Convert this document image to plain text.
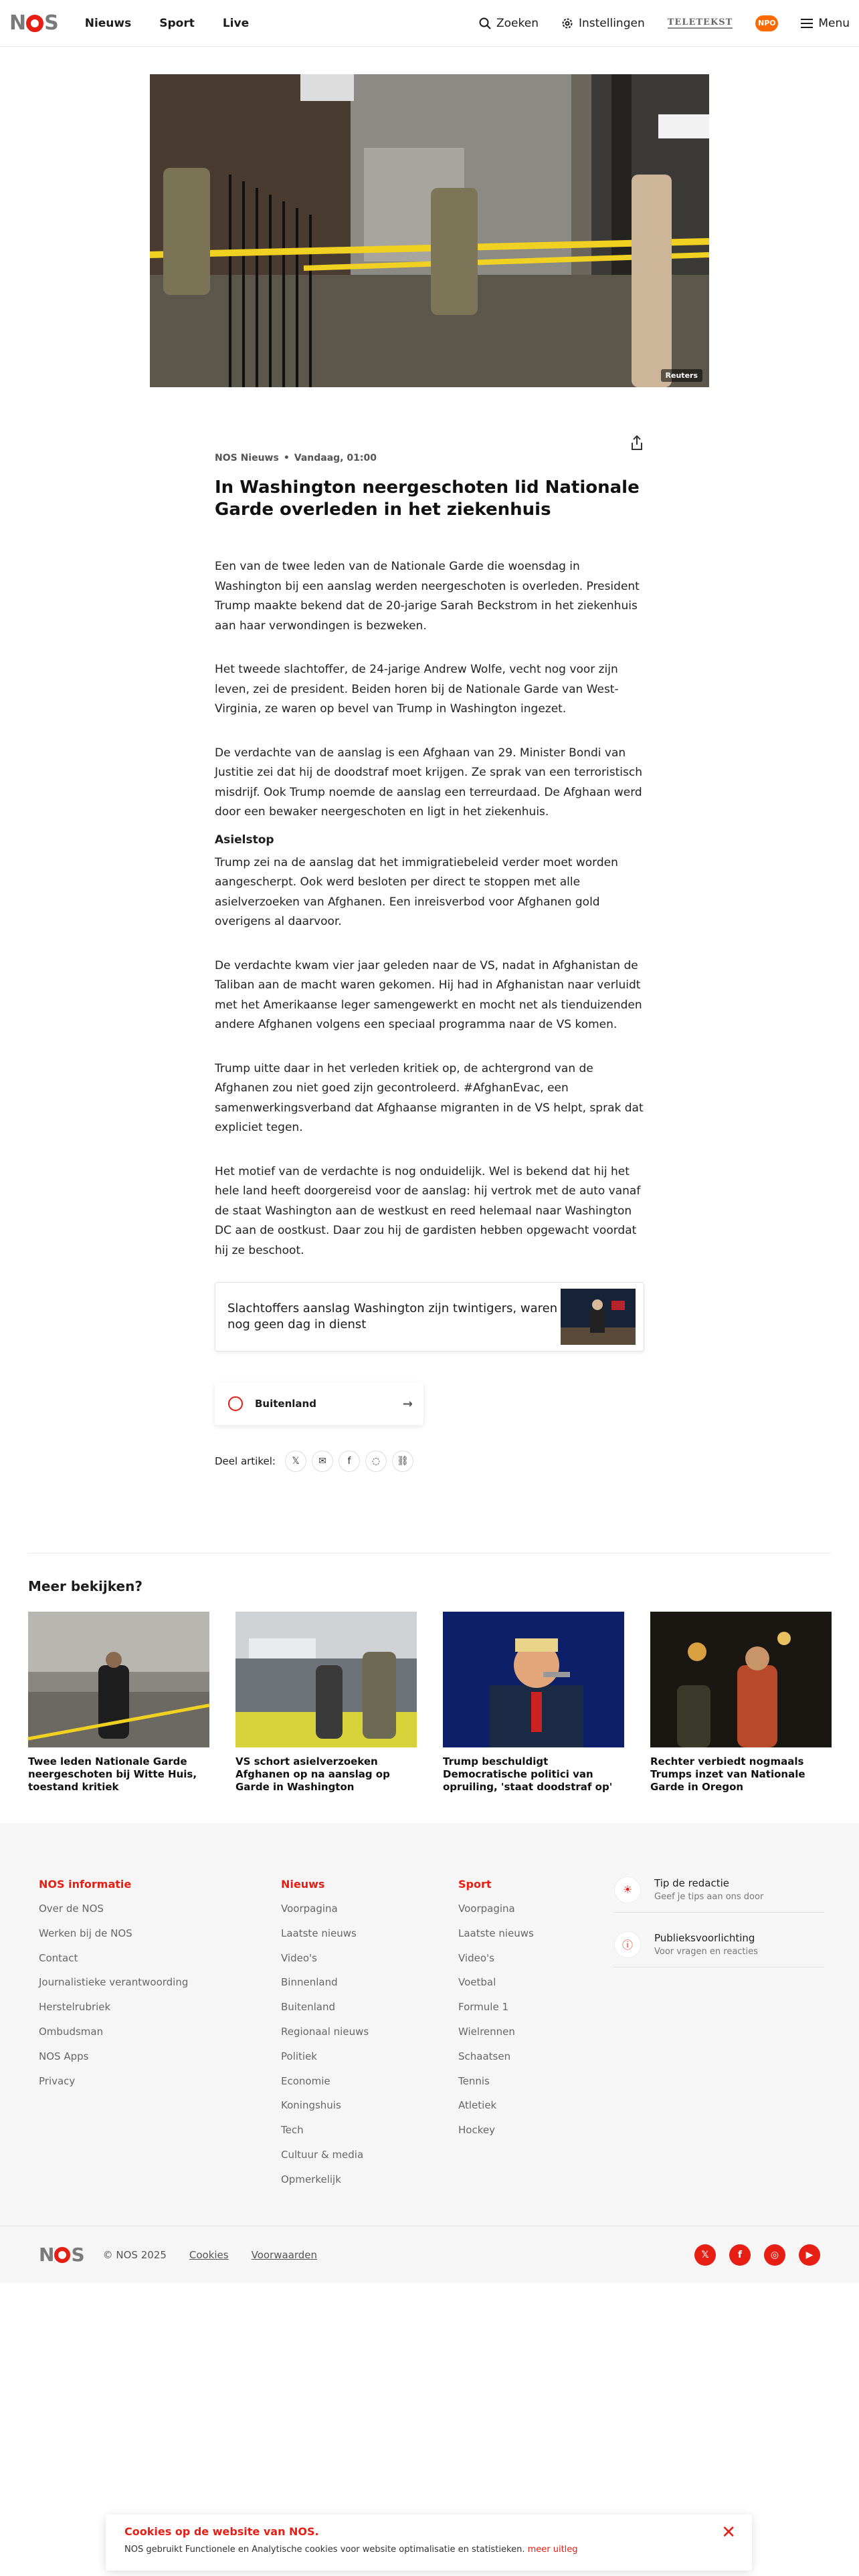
N S Nieuws Sport Live	Zoeken	Instellingen	TELETEKST	NPO	Menu
Reuters
NOS Nieuws • Vandaag, 01:00
In Washington neergeschoten lid Nationale Garde overleden in het ziekenhuis

Een van de twee leden van de Nationale Garde die woensdag in Washington bij een aanslag werden neergeschoten is overleden. President Trump maakte bekend dat de 20-jarige Sarah Beckstrom in het ziekenhuis aan haar verwondingen is bezweken.

Het tweede slachtoffer, de 24-jarige Andrew Wolfe, vecht nog voor zijn leven, zei de president. Beiden horen bij de Nationale Garde van West-Virginia, ze waren op bevel van Trump in Washington ingezet.

De verdachte van de aanslag is een Afghaan van 29. Minister Bondi van Justitie zei dat hij de doodstraf moet krijgen. Ze sprak van een terroristisch misdrijf. Ook Trump noemde de aanslag een terreurdaad. De Afghaan werd door een bewaker neergeschoten en ligt in het ziekenhuis.

Asielstop

Trump zei na de aanslag dat het immigratiebeleid verder moet worden aangescherpt. Ook werd besloten per direct te stoppen met alle asielverzoeken van Afghanen. Een inreisverbod voor Afghanen gold overigens al daarvoor.

De verdachte kwam vier jaar geleden naar de VS, nadat in Afghanistan de Taliban aan de macht waren gekomen. Hij had in Afghanistan naar verluidt met het Amerikaanse leger samengewerkt en mocht net als tienduizenden andere Afghanen volgens een speciaal programma naar de VS komen.

Trump uitte daar in het verleden kritiek op, de achtergrond van de Afghanen zou niet goed zijn gecontroleerd. #AfghanEvac, een samenwerkingsverband dat Afghaanse migranten in de VS helpt, sprak dat expliciet tegen.

Het motief van de verdachte is nog onduidelijk. Wel is bekend dat hij het hele land heeft doorgereisd voor de aanslag: hij vertrok met de auto vanaf de staat Washington aan de westkust en reed helemaal naar Washington DC aan de oostkust. Daar zou hij de gardisten hebben opgewacht voordat hij ze beschoot.

Slachtoffers aanslag Washington zijn twintigers, waren nog geen dag in dienst
Buitenland	→
Deel artikel:	𝕏	✉	f	◌	⛓
Meer bekijken?
Twee leden Nationale Garde neergeschoten bij Witte Huis, toestand kritiek
VS schort asielverzoeken Afghanen op na aanslag op Garde in Washington
Trump beschuldigt Democratische politici van opruiling, 'staat doodstraf op'
Rechter verbiedt nogmaals Trumps inzet van Nationale Garde in Oregon
NOS informatie
Over de NOS
Werken bij de NOS
Contact
Journalistieke verantwoording
Herstelrubriek
Ombudsman
NOS Apps
Privacy
Nieuws
Voorpagina
Laatste nieuws
Video's
Binnenland
Buitenland
Regionaal nieuws
Politiek
Economie
Koningshuis
Tech
Cultuur & media
Opmerkelijk
Sport
Voorpagina
Laatste nieuws
Video's
Voetbal
Formule 1
Wielrennen
Schaatsen
Tennis
Atletiek
Hockey
☀	Tip de redactie
Geef je tips aan ons door
ⓘ
Publieksvoorlichting
Voor vragen en reacties
N S © NOS 2025 Cookies Voorwaarden	𝕏	f	◎	▶
Cookies op de website van NOS.

NOS gebruikt Functionele en Analytische cookies voor website optimalisatie en statistieken. meer uitleg

✕
